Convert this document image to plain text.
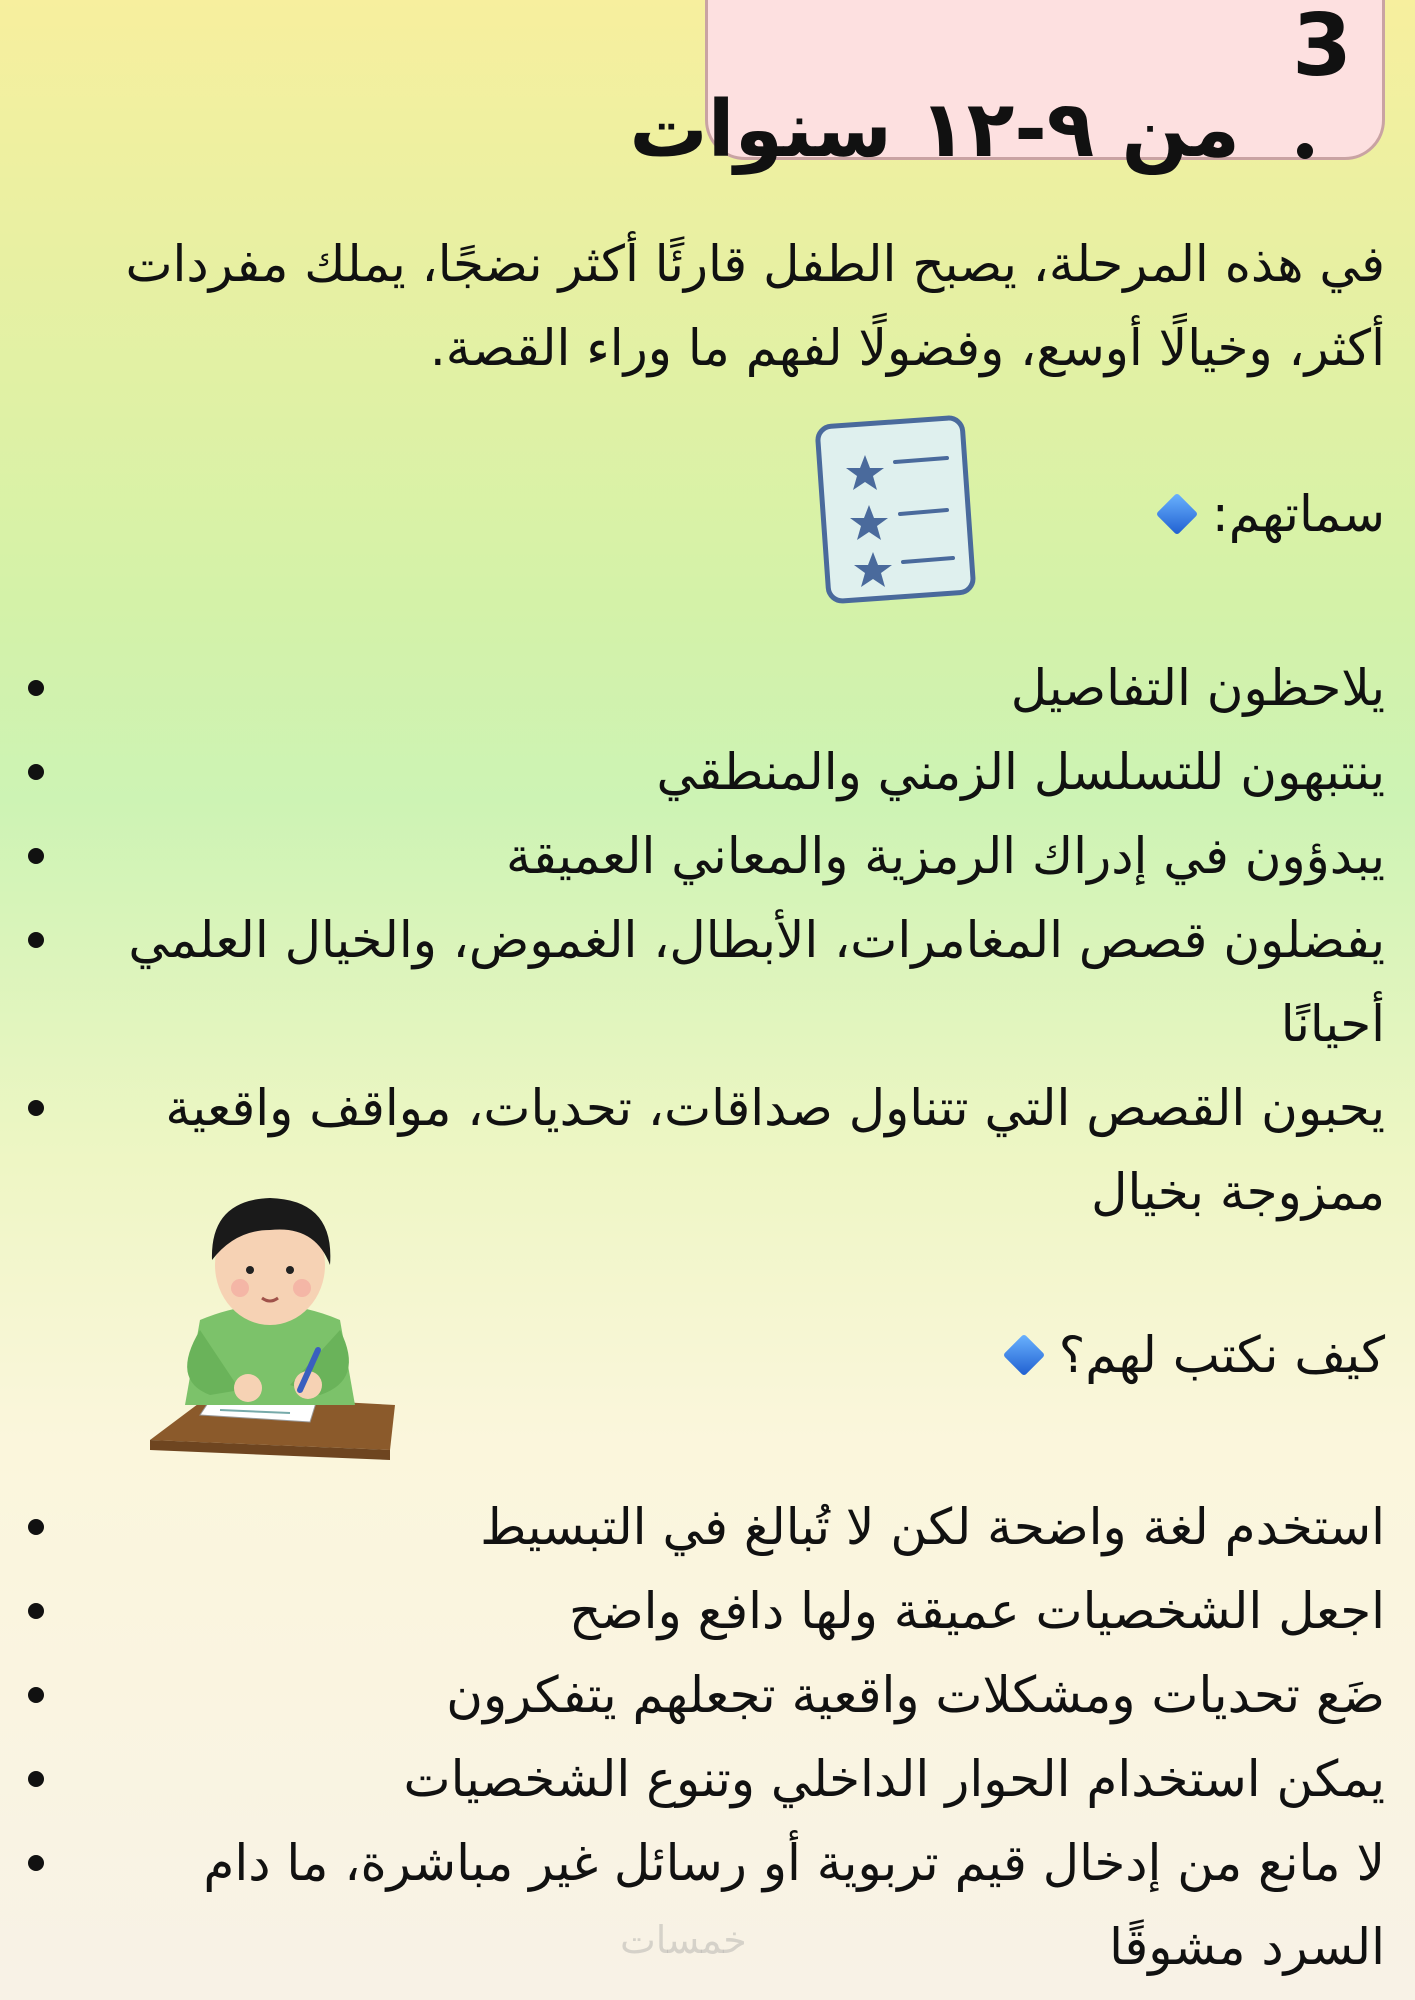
3
من ٩-١٢ سنوات

في هذه المرحلة، يصبح الطفل قارئًا أكثر نضجًا، يملك مفردات أكثر، وخيالًا أوسع، وفضولًا لفهم ما وراء القصة.

سماتهم:
يلاحظون التفاصيل
ينتبهون للتسلسل الزمني والمنطقي
يبدؤون في إدراك الرمزية والمعاني العميقة
يفضلون قصص المغامرات، الأبطال، الغموض، والخيال العلمي أحيانًا
يحبون القصص التي تتناول صداقات، تحديات، مواقف واقعية ممزوجة بخيال
كيف نكتب لهم؟
استخدم لغة واضحة لكن لا تُبالغ في التبسيط
اجعل الشخصيات عميقة ولها دافع واضح
ضَع تحديات ومشكلات واقعية تجعلهم يتفكرون
يمكن استخدام الحوار الداخلي وتنوع الشخصيات
لا مانع من إدخال قيم تربوية أو رسائل غير مباشرة، ما دام السرد مشوقًا
خمسات
